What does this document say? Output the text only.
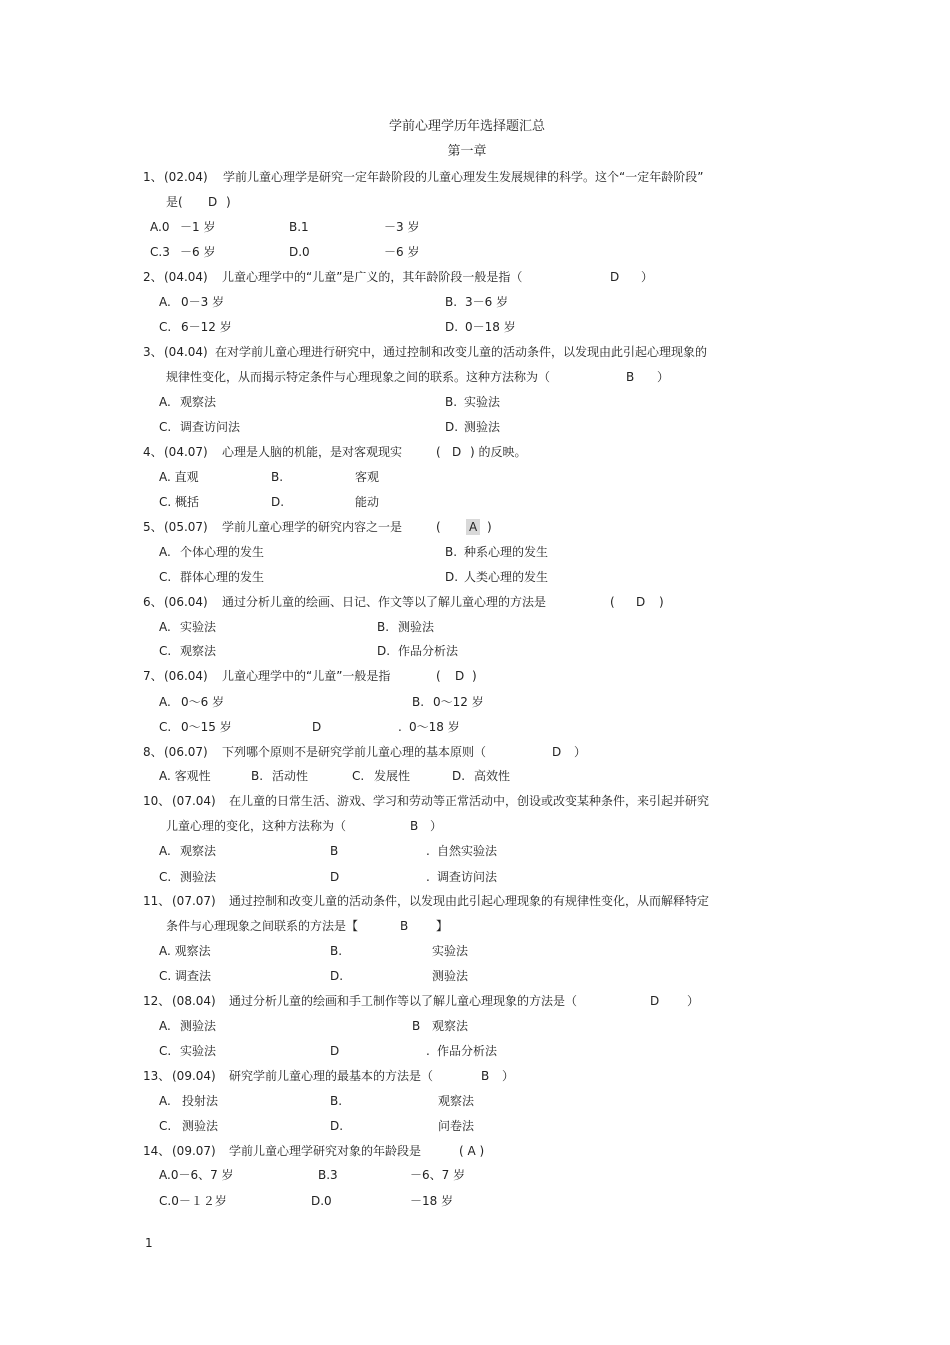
学前心理学历年选择题汇总
第一章
1、 (02.04) 学前儿童心理学是研究一定年龄阶段的儿童心理发生发展规律的科学。这个“一定年龄阶段”
是( D )
A.0 －1 岁	B.1	－3 岁
C.3 －6 岁	D.0	－6 岁
2、 (04.04) 儿童心理学中的“儿童”是广义的，其年龄阶段一般是指（	D ）
A. 0－3 岁	B. 3－6 岁
C. 6－12 岁	D. 0－18 岁
3、 (04.04) 在对学前儿童心理进行研究中，通过控制和改变儿童的活动条件，以发现由此引起心理现象的
规律性变化，从而揭示特定条件与心理现象之间的联系。这种方法称为（	B ）
A. 观察法	B. 实验法
C. 调查访问法	D. 测验法
4、 (04.07) 心理是人脑的机能，是对客观现实	( D ) 的反映。
A. 直观	B.	客观
C. 概括	D.	能动
5、 (05.07) 学前儿童心理学的研究内容之一是	( A )
A. 个体心理的发生	B. 种系心理的发生
C. 群体心理的发生	D. 人类心理的发生
6、 (06.04) 通过分析儿童的绘画、日记、作文等以了解儿童心理的方法是	( D )
A. 实验法	B. 测验法
C. 观察法	D. 作品分析法
7、 (06.04) 儿童心理学中的“儿童”一般是指	( D )
A. 0～6 岁	B. 0～12 岁
C. 0～15 岁	D	. 0～18 岁
8、 (06.07) 下列哪个原则不是研究学前儿童心理的基本原则（	D ）
A. 客观性	B. 活动性	C. 发展性	D. 高效性
10、 (07.04) 在儿童的日常生活、游戏、学习和劳动等正常活动中，创设或改变某种条件，来引起并研究
儿童心理的变化，这种方法称为（	B ）
A. 观察法	B	. 自然实验法
C. 测验法	D	. 调查访问法
11、 (07.07) 通过控制和改变儿童的活动条件，以发现由此引起心理现象的有规律性变化，从而解释特定
条件与心理现象之间联系的方法是【	B 】
A. 观察法	B.	实验法
C. 调查法	D.	测验法
12、 (08.04) 通过分析儿童的绘画和手工制作等以了解儿童心理现象的方法是（	D ）
A. 测验法	B 观察法
C. 实验法	D	. 作品分析法
13、 (09.04) 研究学前儿童心理的最基本的方法是（	B ）
A. 投射法	B.	观察法
C. 测验法	D.	问卷法
14、 (09.07) 学前儿童心理学研究对象的年龄段是	( A )
A.0－6、7 岁	B.3	－6、7 岁
C.0－１２岁	D.0	－18 岁
1
